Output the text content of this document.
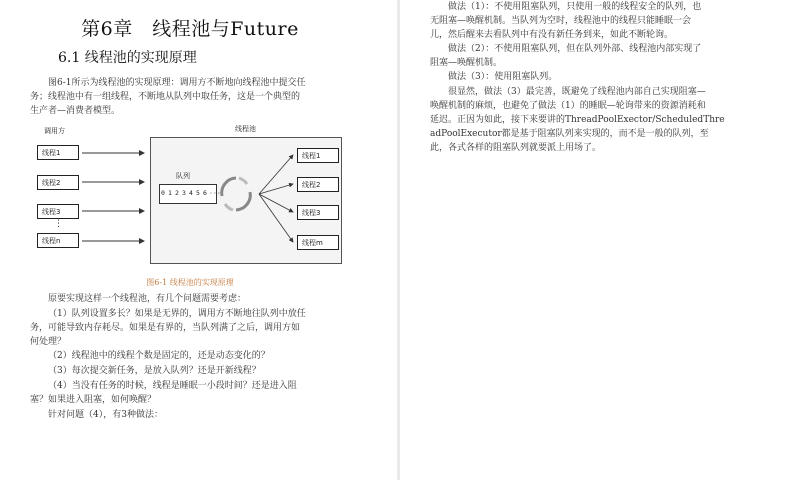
第6章　线程池与Future
6.1 线程池的实现原理

图6-1所示为线程池的实现原理：调用方不断地向线程池中提交任
务；线程池中有一组线程，不断地从队列中取任务，这是一个典型的
生产者—消费者模型。

调用方	线程池
线程1
线程2
线程3
⋮
线程n
队列
0 1 2 3 4 5 6 ···
线程1
线程2
线程3
线程m
图6-1 线程池的实现原理

原要实现这样一个线程池，有几个问题需要考虑：

（1）队列设置多长？如果是无界的，调用方不断地往队列中放任
务，可能导致内存耗尽。如果是有界的，当队列满了之后，调用方如
何处理？

（2）线程池中的线程个数是固定的，还是动态变化的？

（3）每次提交新任务，是放入队列？还是开新线程？

（4）当没有任务的时候，线程是睡眠一小段时间？还是进入阻
塞？如果进入阻塞，如何唤醒？

针对问题（4），有3种做法：

做法（1）：不使用阻塞队列，只使用一般的线程安全的队列，也
无阻塞—唤醒机制。当队列为空时，线程池中的线程只能睡眠一会
儿，然后醒来去看队列中有没有新任务到来，如此不断轮询。

做法（2）：不使用阻塞队列，但在队列外部、线程池内部实现了
阻塞—唤醒机制。

做法（3）：使用阻塞队列。

很显然，做法（3）最完善，既避免了线程池内部自己实现阻塞—
唤醒机制的麻烦，也避免了做法（1）的睡眠—轮询带来的资源消耗和
延迟。正因为如此，接下来要讲的ThreadPoolExector/ScheduledThre
adPoolExecutor都是基于阻塞队列来实现的，而不是一般的队列，至
此，各式各样的阻塞队列就要派上用场了。
